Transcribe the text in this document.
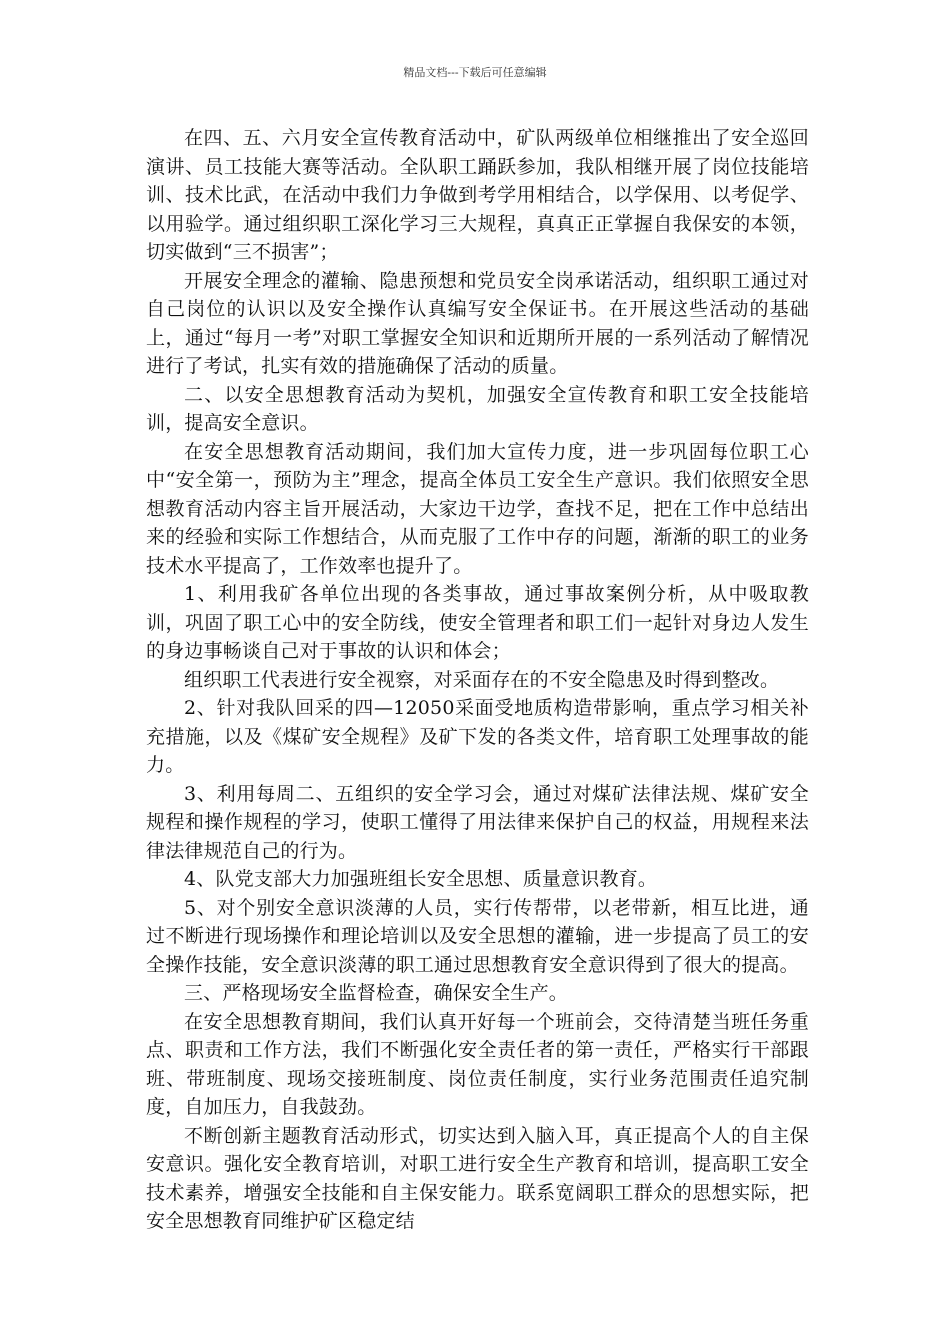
精品文档---下载后可任意编辑

在四、五、六月安全宣传教育活动中，矿队两级单位相继推出了安全巡回演讲、员工技能大赛等活动。全队职工踊跃参加，我队相继开展了岗位技能培训、技术比武，在活动中我们力争做到考学用相结合，以学保用、以考促学、以用验学。通过组织职工深化学习三大规程，真真正正掌握自我保安的本领，切实做到“三不损害”；

开展安全理念的灌输、隐患预想和党员安全岗承诺活动，组织职工通过对自己岗位的认识以及安全操作认真编写安全保证书。在开展这些活动的基础上，通过“每月一考”对职工掌握安全知识和近期所开展的一系列活动了解情况进行了考试，扎实有效的措施确保了活动的质量。

二、以安全思想教育活动为契机，加强安全宣传教育和职工安全技能培训，提高安全意识。

在安全思想教育活动期间，我们加大宣传力度，进一步巩固每位职工心中“安全第一，预防为主”理念，提高全体员工安全生产意识。我们依照安全思想教育活动内容主旨开展活动，大家边干边学，查找不足，把在工作中总结出来的经验和实际工作想结合，从而克服了工作中存的问题，渐渐的职工的业务技术水平提高了，工作效率也提升了。

1、利用我矿各单位出现的各类事故，通过事故案例分析，从中吸取教训，巩固了职工心中的安全防线，使安全管理者和职工们一起针对身边人发生的身边事畅谈自己对于事故的认识和体会；

组织职工代表进行安全视察，对采面存在的不安全隐患及时得到整改。

2、针对我队回采的四—12050采面受地质构造带影响，重点学习相关补充措施，以及《煤矿安全规程》及矿下发的各类文件，培育职工处理事故的能力。

3、利用每周二、五组织的安全学习会，通过对煤矿法律法规、煤矿安全规程和操作规程的学习，使职工懂得了用法律来保护自己的权益，用规程来法律法律规范自己的行为。

4、队党支部大力加强班组长安全思想、质量意识教育。

5、对个别安全意识淡薄的人员，实行传帮带，以老带新，相互比进，通过不断进行现场操作和理论培训以及安全思想的灌输，进一步提高了员工的安全操作技能，安全意识淡薄的职工通过思想教育安全意识得到了很大的提高。

三、严格现场安全监督检查，确保安全生产。

在安全思想教育期间，我们认真开好每一个班前会，交待清楚当班任务重点、职责和工作方法，我们不断强化安全责任者的第一责任，严格实行干部跟班、带班制度、现场交接班制度、岗位责任制度，实行业务范围责任追究制度，自加压力，自我鼓劲。

不断创新主题教育活动形式，切实达到入脑入耳，真正提高个人的自主保安意识。强化安全教育培训，对职工进行安全生产教育和培训，提高职工安全技术素养，增强安全技能和自主保安能力。联系宽阔职工群众的思想实际，把安全思想教育同维护矿区稳定结
